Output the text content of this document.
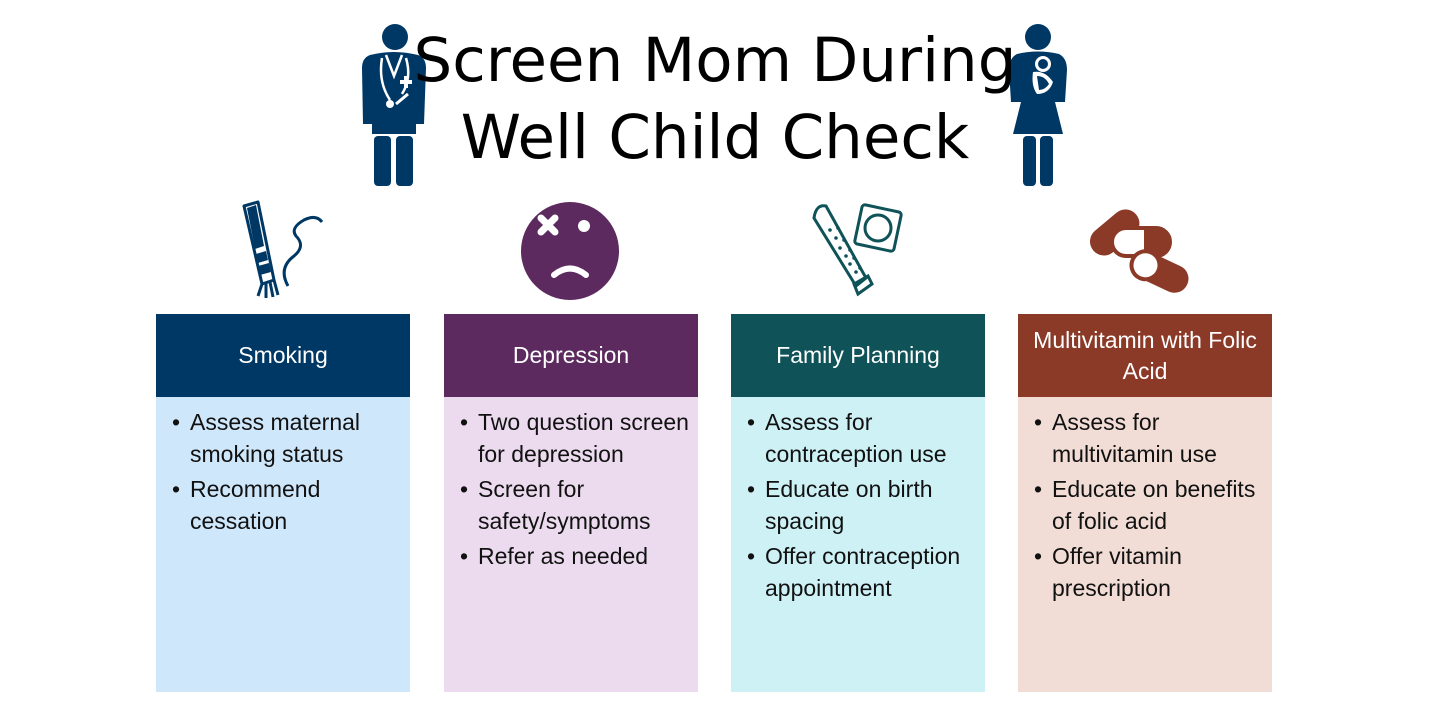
Screen Mom During
Well Child Check
Smoking
• Assess maternal smoking status
• Recommend cessation
Depression
• Two question screen for depression
• Screen for safety/symptoms
• Refer as needed
Family Planning
• Assess for contraception use
• Educate on birth spacing
• Offer contraception appointment
Multivitamin with Folic Acid
• Assess for multivitamin use
• Educate on benefits of folic acid
• Offer vitamin prescription
